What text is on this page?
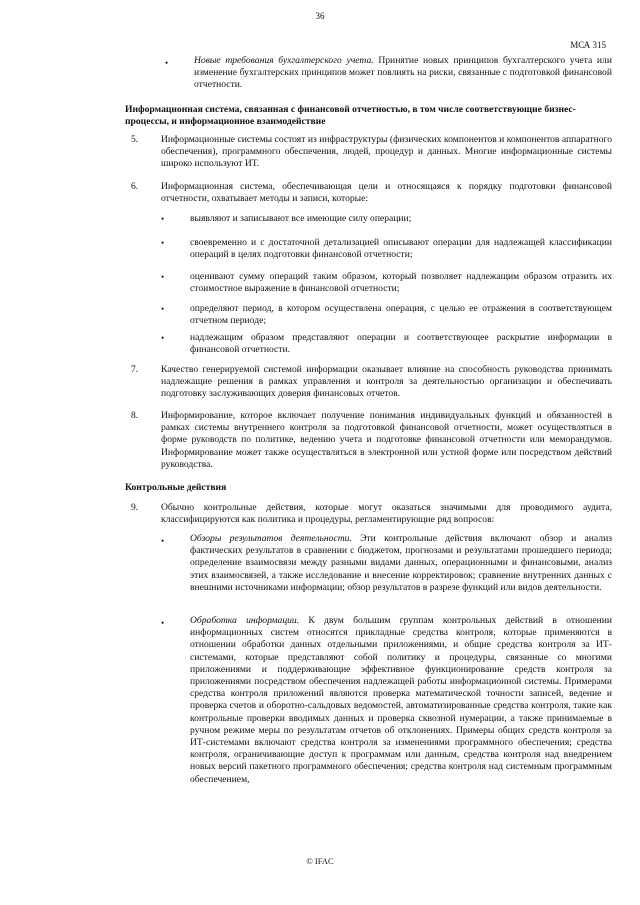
36
МСА 315
•	Новые требования бухгалтерского учета. Принятие новых принципов бухгалтерского учета или изменение бухгалтерских принципов может повлиять на риски, связанные с подготовкой финансовой отчетности.
Информационная система, связанная с финансовой отчетностью, в том числе соответствующие бизнес-процессы, и информационное взаимодействие
5. Информационные системы состоят из инфраструктуры (физических компонентов и компонентов аппаратного обеспечения), программного обеспечения, людей, процедур и данных. Многие информационные системы широко используют ИТ.
6. Информационная система, обеспечивающая цели и относящаяся к порядку подготовки финансовой отчетности, охватывает методы и записи, которые:
•	выявляют и записывают все имеющие силу операции;
•	своевременно и с достаточной детализацией описывают операции для надлежащей классификации операций в целях подготовки финансовой отчетности;
•	оценивают сумму операций таким образом, который позволяет надлежащим образом отразить их стоимостное выражение в финансовой отчетности;
•	определяют период, в котором осуществлена операция, с целью ее отражения в соответствующем отчетном периоде;
•	надлежащим образом представляют операции и соответствующее раскрытие информации в финансовой отчетности.
7. Качество генерируемой системой информации оказывает влияние на способность руководства принимать надлежащие решения в рамках управления и контроля за деятельностью организации и обеспечивать подготовку заслуживающих доверия финансовых отчетов.
8. Информирование, которое включает получение понимания индивидуальных функций и обязанностей в рамках системы внутреннего контроля за подготовкой финансовой отчетности, может осуществляться в форме руководств по политике, ведению учета и подготовке финансовой отчетности или меморандумов. Информирование может также осуществляться в электронной или устной форме или посредством действий руководства.
Контрольные действия
9. Обычно контрольные действия, которые могут оказаться значимыми для проводимого аудита, классифицируются как политика и процедуры, регламентирующие ряд вопросов:
•	Обзоры результатов деятельности. Эти контрольные действия включают обзор и анализ фактических результатов в сравнении с бюджетом, прогнозами и результатами прошедшего периода; определение взаимосвязи между разными видами данных, операционными и финансовыми, анализ этих взаимосвязей, а также исследование и внесение корректировок; сравнение внутренних данных с внешними источниками информации; обзор результатов в разрезе функций или видов деятельности.
•	Обработка информации. К двум большим группам контрольных действий в отношении информационных систем относятся прикладные средства контроля, которые применяются в отношении обработки данных отдельными приложениями, и общие средства контроля за ИТ-системами, которые представляют собой политику и процедуры, связанные со многими приложениями и поддерживающие эффективное функционирование средств контроля за приложениями посредством обеспечения надлежащей работы информационной системы. Примерами средства контроля приложений являются проверка математической точности записей, ведение и проверка счетов и оборотно-сальдовых ведомостей, автоматизированные средства контроля, такие как контрольные проверки вводимых данных и проверка сквозной нумерации, а также принимаемые в ручном режиме меры по результатам отчетов об отклонениях. Примеры общих средств контроля за ИТ-системами включают средства контроля за изменениями программного обеспечения; средства контроля, ограничивающие доступ к программам или данным, средства контроля над внедрением новых версий пакетного программного обеспечения; средства контроля над системным программным обеспечением,
© IFAC
